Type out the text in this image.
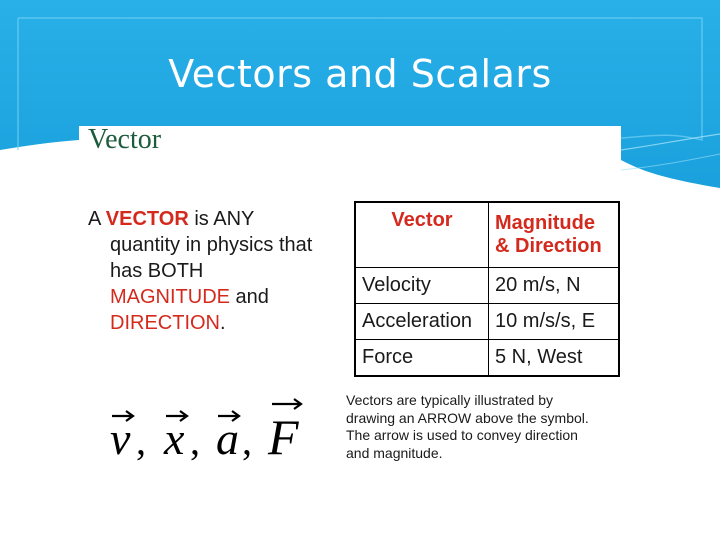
Vectors and Scalars
Vector
A VECTOR is ANY
quantity in physics that
has BOTH
MAGNITUDE and
DIRECTION.
Vector	Magnitude
& Direction
Velocity	20 m/s, N
Acceleration	10 m/s/s, E
Force	5 N, West
v , x , a , F
Vectors are typically illustrated by
drawing an ARROW above the symbol.
The arrow is used to convey direction
and magnitude.
